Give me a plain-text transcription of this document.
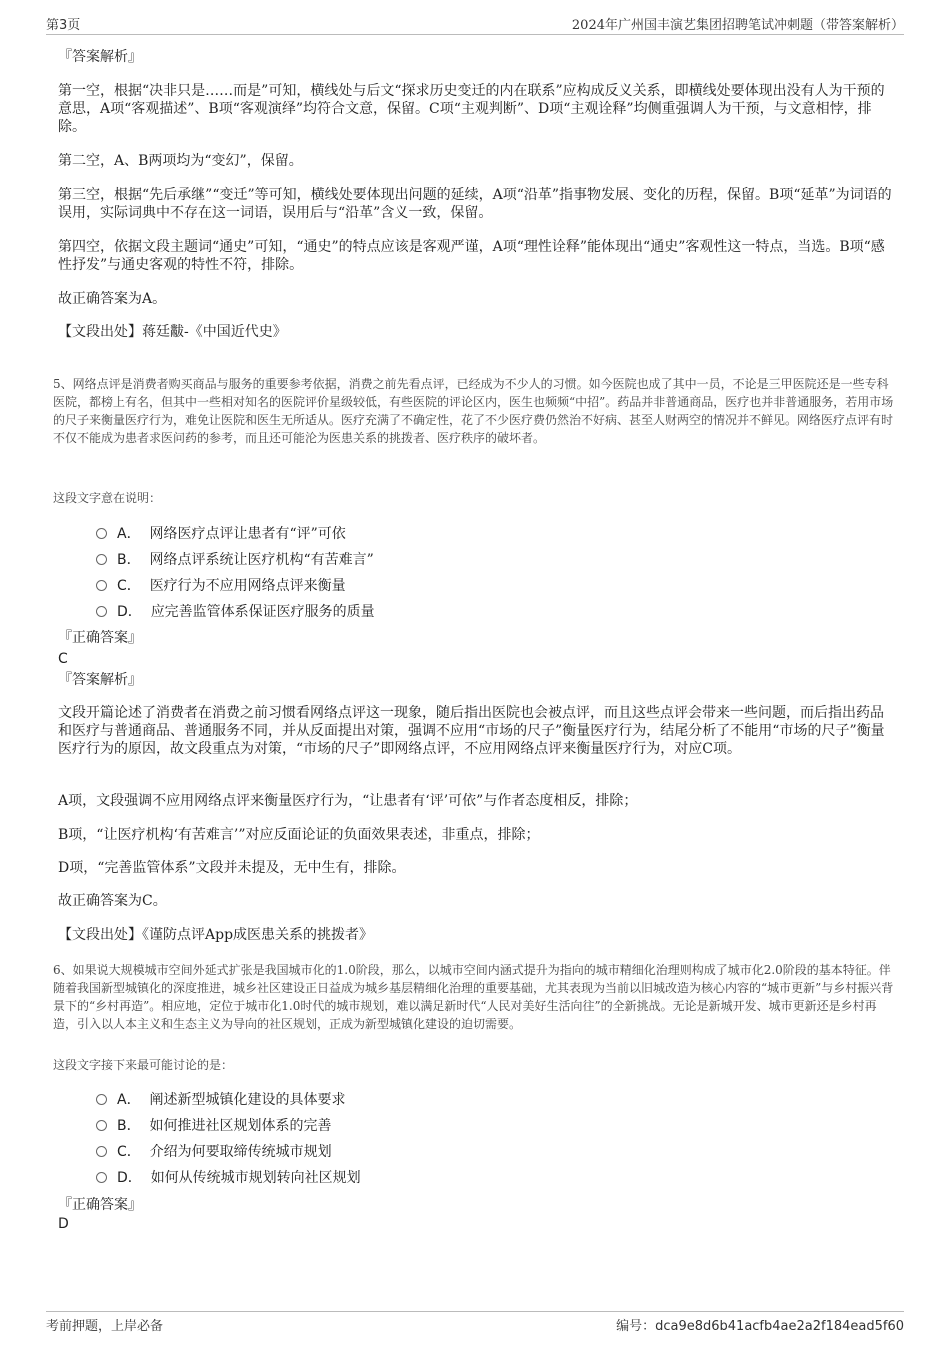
第3页	2024年广州国丰演艺集团招聘笔试冲刺题（带答案解析）

『答案解析』

第一空，根据“决非只是……而是”可知，横线处与后文“探求历史变迁的内在联系”应构成反义关系，即横线处要体现出没有人为干预的意思，A项“客观描述”、B项“客观演绎”均符合文意，保留。C项“主观判断”、D项“主观诠释”均侧重强调人为干预，与文意相悖，排除。

第二空，A、B两项均为“变幻”，保留。

第三空，根据“先后承继”“变迁”等可知，横线处要体现出问题的延续，A项“沿革”指事物发展、变化的历程，保留。B项“延革”为词语的误用，实际词典中不存在这一词语，误用后与“沿革”含义一致，保留。

第四空，依据文段主题词“通史”可知，“通史”的特点应该是客观严谨，A项“理性诠释”能体现出“通史”客观性这一特点，当选。B项“感性抒发”与通史客观的特性不符，排除。

故正确答案为A。

【文段出处】蒋廷黻-《中国近代史》

5、网络点评是消费者购买商品与服务的重要参考依据，消费之前先看点评，已经成为不少人的习惯。如今医院也成了其中一员，不论是三甲医院还是一些专科医院，都榜上有名，但其中一些相对知名的医院评价星级较低，有些医院的评论区内，医生也频频“中招”。药品并非普通商品，医疗也并非普通服务，若用市场的尺子来衡量医疗行为，难免让医院和医生无所适从。医疗充满了不确定性，花了不少医疗费仍然治不好病、甚至人财两空的情况并不鲜见。网络医疗点评有时不仅不能成为患者求医问药的参考，而且还可能沦为医患关系的挑拨者、医疗秩序的破坏者。

这段文字意在说明：

A． 网络医疗点评让患者有“评”可依
B． 网络点评系统让医疗机构“有苦难言”
C． 医疗行为不应用网络点评来衡量
D． 应完善监管体系保证医疗服务的质量

『正确答案』

C

『答案解析』

文段开篇论述了消费者在消费之前习惯看网络点评这一现象，随后指出医院也会被点评，而且这些点评会带来一些问题，而后指出药品和医疗与普通商品、普通服务不同，并从反面提出对策，强调不应用“市场的尺子”衡量医疗行为，结尾分析了不能用“市场的尺子”衡量医疗行为的原因，故文段重点为对策，“市场的尺子”即网络点评，不应用网络点评来衡量医疗行为，对应C项。

A项，文段强调不应用网络点评来衡量医疗行为，“让患者有‘评’可依”与作者态度相反，排除；

B项，“让医疗机构‘有苦难言’”对应反面论证的负面效果表述，非重点，排除；

D项，“完善监管体系”文段并未提及，无中生有，排除。

故正确答案为C。

【文段出处】《谨防点评App成医患关系的挑拨者》

6、如果说大规模城市空间外延式扩张是我国城市化的1.0阶段，那么，以城市空间内涵式提升为指向的城市精细化治理则构成了城市化2.0阶段的基本特征。伴随着我国新型城镇化的深度推进，城乡社区建设正日益成为城乡基层精细化治理的重要基础，尤其表现为当前以旧城改造为核心内容的“城市更新”与乡村振兴背景下的“乡村再造”。相应地，定位于城市化1.0时代的城市规划，难以满足新时代“人民对美好生活向往”的全新挑战。无论是新城开发、城市更新还是乡村再造，引入以人本主义和生态主义为导向的社区规划，正成为新型城镇化建设的迫切需要。

这段文字接下来最可能讨论的是：

A． 阐述新型城镇化建设的具体要求
B． 如何推进社区规划体系的完善
C． 介绍为何要取缔传统城市规划
D． 如何从传统城市规划转向社区规划

『正确答案』

D

考前押题，上岸必备	编号：dca9e8d6b41acfb4ae2a2f184ead5f60
